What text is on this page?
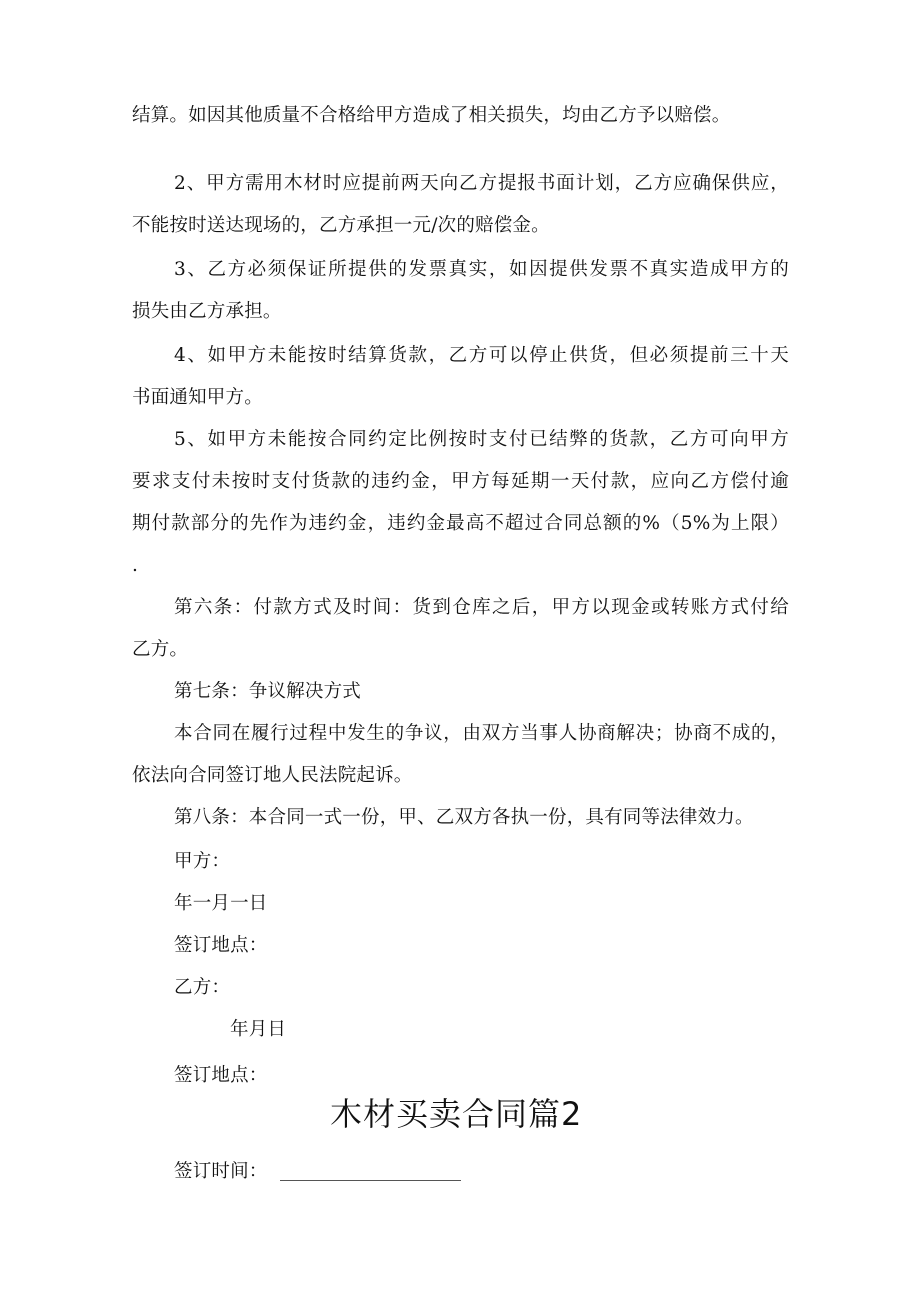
结算。如因其他质量不合格给甲方造成了相关损失，均由乙方予以赔偿。
2、甲方需用木材时应提前两天向乙方提报书面计划，乙方应确保供应，
不能按时送达现场的，乙方承担一元/次的赔偿金。
3、乙方必须保证所提供的发票真实，如因提供发票不真实造成甲方的
损失由乙方承担。
4、如甲方未能按时结算货款，乙方可以停止供货，但必须提前三十天
书面通知甲方。
5、如甲方未能按合同约定比例按时支付已结弊的货款，乙方可向甲方
要求支付未按时支付货款的违约金，甲方每延期一天付款，应向乙方偿付逾
期付款部分的先作为违约金，违约金最高不超过合同总额的%（5%为上限）
.
第六条：付款方式及时间：货到仓库之后，甲方以现金或转账方式付给
乙方。
第七条：争议解决方式
本合同在履行过程中发生的争议，由双方当事人协商解决；协商不成的，
依法向合同签订地人民法院起诉。
第八条：本合同一式一份，甲、乙双方各执一份，具有同等法律效力。
甲方：
年一月一日
签订地点：
乙方：
年月日
签订地点：
木材买卖合同篇2
签订时间：
